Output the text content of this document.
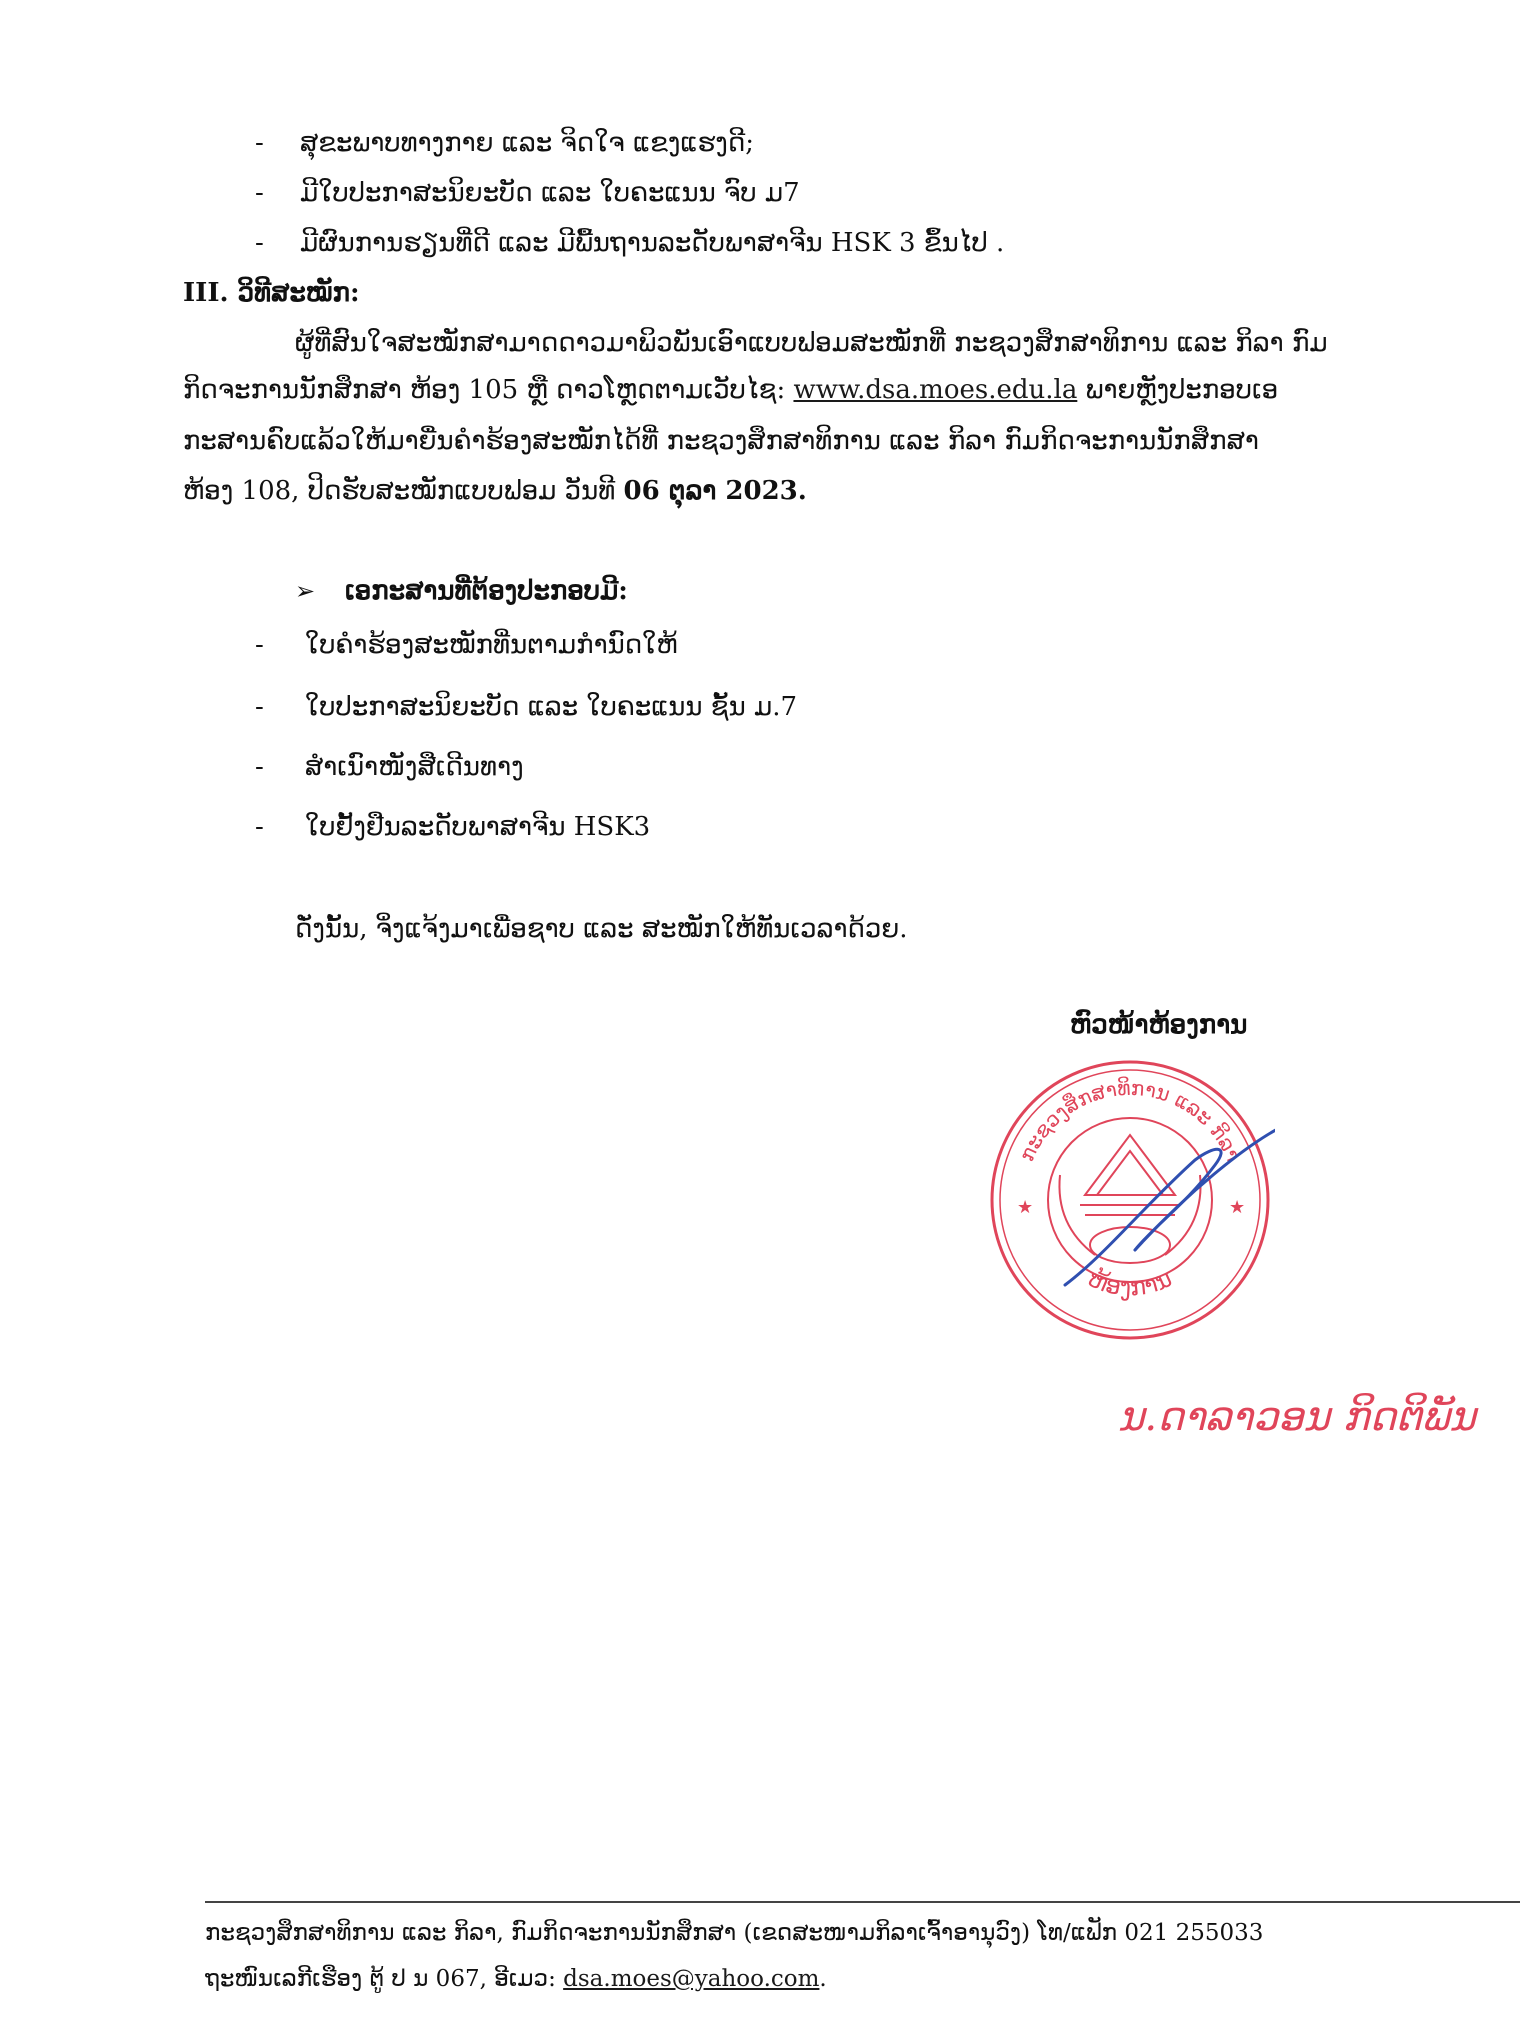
- ສຸຂະພາບທາງກາຍ ແລະ ຈິດໃຈ ແຂງແຮງດີ;
- ມີໃບປະກາສະນິຍະບັດ ແລະ ໃບຄະແນນ ຈົບ ມ7
- ມີຜົນການຮຽນທີ່ດີ ແລະ ມີພື້ນຖານລະດັບພາສາຈີນ HSK 3 ຂຶ້ນໄປ .
III. ວິທີສະໝັກ:
ຜູ້ທີ່ສົນໃຈສະໝັກສາມາດດາວມາພິວພັນເອົາແບບຟອມສະໝັກທີ່ ກະຊວງສຶກສາທິການ ແລະ ກິລາ ກົມ
ກິດຈະການນັກສຶກສາ ຫ້ອງ 105 ຫຼື ດາວໂຫຼດຕາມເວັບໄຊ: www.dsa.moes.edu.la ພາຍຫຼັງປະກອບເອ
ກະສານຄົບແລ້ວໃຫ້ມາຍື່ນຄຳຮ້ອງສະໝັກໄດ້ທີ່ ກະຊວງສຶກສາທິການ ແລະ ກິລາ ກົມກິດຈະການນັກສຶກສາ
ຫ້ອງ 108, ປິດຮັບສະໝັກແບບຟອມ ວັນທີ 06 ຕຸລາ 2023.
➢ ເອກະສານທີ່ຕ້ອງປະກອບມີ:
- ໃບຄຳຮ້ອງສະໝັກທີ່ນຕາມກຳນົດໃຫ້
- ໃບປະກາສະນິຍະບັດ ແລະ ໃບຄະແນນ ຊັ້ນ ມ.7
- ສຳເນົາໜັງສືເດີນທາງ
- ໃບຢັ້ງຢືນລະດັບພາສາຈີນ HSK3
ດັ່ງນັ້ນ, ຈິ່ງແຈ້ງມາເພື່ອຊາບ ແລະ ສະໝັກໃຫ້ທັນເວລາດ້ວຍ.
ຫົວໜ້າຫ້ອງການ
ກະຊວງສຶກສາທິການ ແລະ ກິລາ
ຫ້ອງການ
★	★
ນ.ດາລາວອນ ກິດຕິພັນ
ກະຊວງສຶກສາທິການ ແລະ ກິລາ, ກົມກິດຈະການນັກສຶກສາ (ເຂດສະໜາມກິລາເຈົ້າອານຸວົງ) ໂທ/ແຟັກ 021 255033
ຖະໜົນເລກີເຮືອງ ຕູ້ ປ ນ 067, ອີເມວ: dsa.moes@yahoo.com.
